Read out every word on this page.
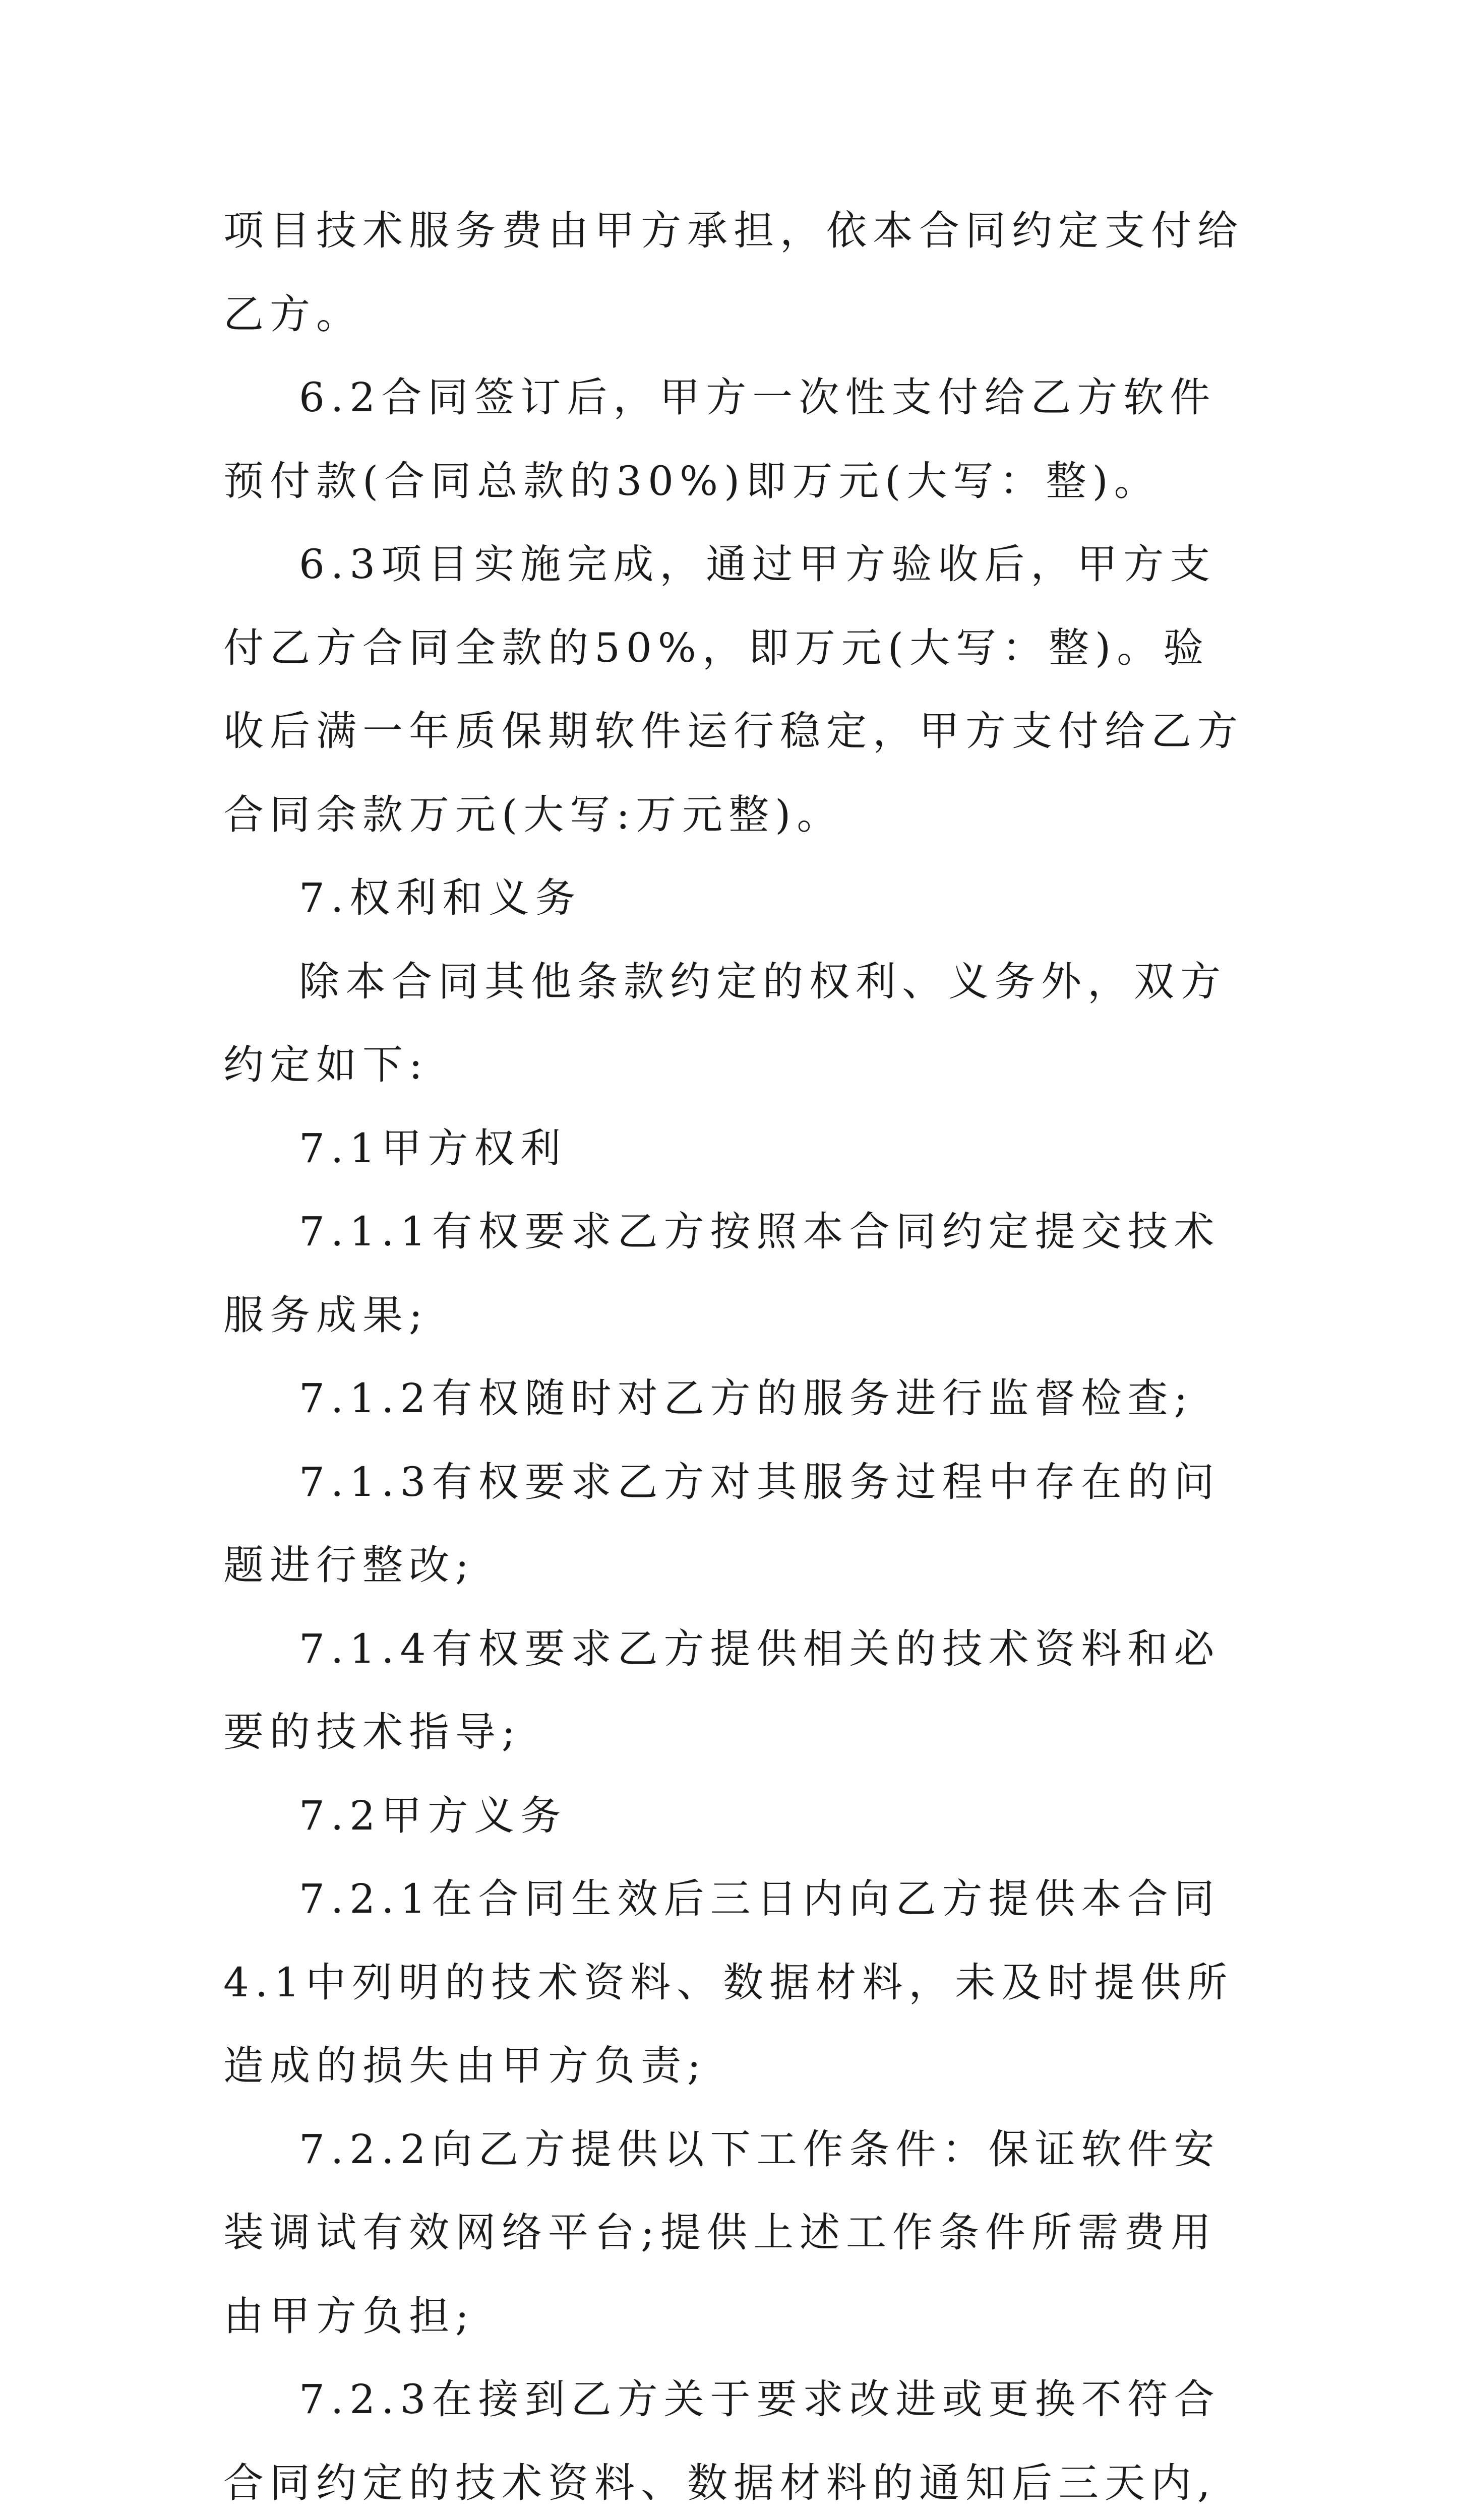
项目技术服务费由甲方承担，依本合同约定支付给乙方。

6.2合同签订后，甲方一次性支付给乙方软件预付款(合同总款的30%)即万元(大写：整)。

6.3项目实施完成，通过甲方验收后，甲方支付乙方合同全款的50%，即万元(大写：整)。验收后满一年质保期软件运行稳定，甲方支付给乙方合同余款万元(大写:万元整)。

7.权利和义务

除本合同其他条款约定的权利、义务外，双方约定如下:

7.1甲方权利

7.1.1有权要求乙方按照本合同约定提交技术服务成果;

7.1.2有权随时对乙方的服务进行监督检查;

7.1.3有权要求乙方对其服务过程中存在的问题进行整改;

7.1.4有权要求乙方提供相关的技术资料和必要的技术指导;

7.2甲方义务

7.2.1在合同生效后三日内向乙方提供本合同4.1中列明的技术资料、数据材料，未及时提供所造成的损失由甲方负责;

7.2.2向乙方提供以下工作条件：保证软件安装调试有效网络平台;提供上述工作条件所需费用由甲方负担;

7.2.3在接到乙方关于要求改进或更换不符合合同约定的技术资料、数据材料的通知后三天内,
